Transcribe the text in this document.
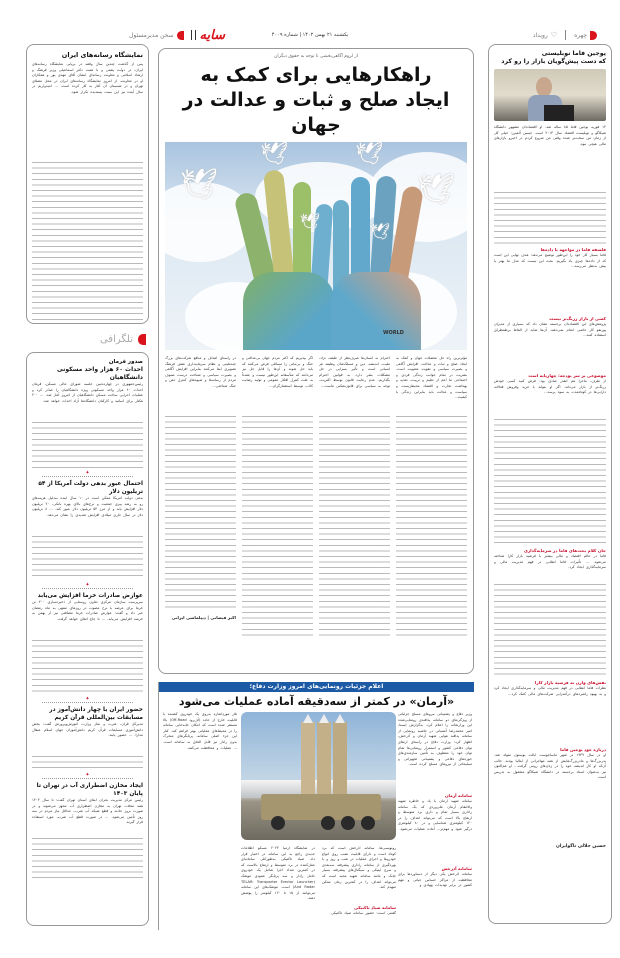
چهره
♡
رویداد
یکشنبه ۲۱ بهمن ۱۴۰۲ | شماره ۴۰۰۹
سایه
سخن مدیرمسئول
یوجین فاما نوبلیستی
که دست پیش‌گویان بازار را رو کرد
۱۴ فوریه یوجین فاما ۸۵ ساله شد. او اقتصاددان مشهور دانشگاه شیکاگو و نوبلیست اقتصاد سال ۲۰۱۳ است. جیسن آلمیرز: خیلی کار از زمان من سخت‌تر شده وقتی من شروع کردم در اخیرو بازارهای مالی هیچی نبود.
فلسفه فاما در مواجهه با داده‌ها
فاما بسیار کار خود را این‌طور توضیح می‌دهد: هدف نهایی این است که از داده‌ها چیزی یاد بگیریم. بحث این نیست که مدل ما بهتر یا بیش به‌نظر می‌رسد...
کسی از بازار زرنگ‌تر نیست
پژوهش‌های این اقتصاددان برجسته نشان داد که بسیاری از مدیران پورتفو کار خاصی انجام نمی‌دهند. آن‌ها شاید از الفاظ پرطمطراق استفاده کنند...
موضوعی بر سر بودجه: چهارپایه است
از طرف، ماجرا هم آنقدر صادق بود. فرض کنید کسی خودش زرنگ‌تر از بازار می‌داند. اگر او بتواند با خرید وفروش فعالانه دارایی‌ها در کوتاه‌مدت به سود برسد...
جان کلام بحث‌های فاما در سرمایه‌گذاری
فاما در عالم اقتصاد و مالی بیشتر با فرضیه بازار کارا شناخته می‌شود. ... تأثیرات فاما انقلابی در فهم مدیریت مالی و سرمایه‌گذاری ایجاد کرد.
نقش‌های وارن به فرضیه بازار کارا
نظرات فاما انقلابی در فهم مدیریت مالی و سرمایه‌گذاری ایجاد کرد و به بهبود راهبردهای درآمدزایی شرکت‌های مالی کمک کرد...
درباره خود یوجین فاما
او در سال ۱۹۳۹ در شهر ماساچوست ایالت بوستون متولد شد. پدربزرگ‌ها و مادربزرگ‌هایش از همه مهاجرانی از ایتالیا بودند. جالب آن‌که او کار اندیشه خود را در زبان‌های رومی گرفت... او هم‌اکنون نیز به‌عنوان استاد برجسته در دانشگاه شیکاگو مشغول به تدریس است.
حسین جلالی ناگوایران
نمایشگاه رسانه‌های ایران
پس از گذشت چندین سال وقفه در برپایی نمایشگاه رسانه‌های ایران، در دولت پشتی و با همت دکتر اسماعیلی وزیر فرهنگ و ارشاد اسلامی و معاونت رسانه‌ای ایشان آقای مهدی پور و همکاران او در معاونت، از امروز نمایشگاه رسانه‌های ایران در محل مصلای تهران و در شبستان آن آغاز به کار کرده است. ... امیدواریم در سال آینده نیز این سنت پسندیده تکرار شود.
تلگرافی
صدور فرمان
احداث ۶۰ هزار واحد مسکونی دانشگاهیان
رئیس‌جمهوری در چهارده‌مین جلسه شورای عالی مسکن، فرمان احداث ۶۰ هزار واحد مسکونی ویژه دانشگاهیان را صادر کرد و عملیات اجرایی ساخت مسکن دانشگاهیان از امروز آغاز شد. ... ۲۰۰ هکتار برای اساتید و کارکنان دانشگاه‌ها آزاد احداث خواهد شد.
✦
احتمال عبور بدهی دولت آمریکا از ۵۴ تریلیون دلار
بدهی دولت آمریکا ممکن است در ۱۰ سال آینده به‌دلیل هزینه‌های رو به رشد پیری جمعیت و نرخ‌های بالای بهره بانکی، ۲۰ تریلیون دلار افزایش یابد و از مرز ۵۴ تریلیون دلار عبور کند. ... ۸ تریلیون دلار در سال جاری میلادی افزایش شدیدی را نشان می‌دهد.
✦
عوارض صادرات خرما افزایش می‌یابد
سرپرست سازمان مرکزی تعاون روستایی از ذخیره‌سازی ۲۰۰ تن خرما برای عرضه با نرخ مصوب در روزهای منتهی به ماه رمضان خبر داد و گفت: عوارض صادرات خرما مضافتی نیز از بهمن به خرمند افزایش می‌یابد. ... تا چاغ اتفاق خواهد گرفت.
✦
حضور ایران با چهار دانش‌آموز در مسابقات بین‌المللی قرآن کریم
مدیرکل قرآن، عترت و نماز وزارت آموزش‌وپرورش گفت: بخش دانش‌آموزی مسابقات قرآن کریم دانش‌آموزان جهان اسلام عنقال مدارا. ... حضور یابند.
✦
ایجاد مخازن اضطراری آب در تهران تا پایان ۱۴۰۳
رئیس مرکز مدیریت بحران آبفای استان تهران گفت: تا سال ۱۴۰۳ همه محلات تهران به مخازن اضطراری آب مجهز می‌شوند و در صورت بروز حادثه و قطع شبکه آب شرب، حداقل نیاز مردم در سه روز تأمین می‌شود. ... در صورت قطع آب شرب، مورد استفاده قرار گیرند.
از لزوم آگاهی‌بخشی تا توجه به حقوق دیگران
راهکارهایی برای کمک به
ایجاد صلح و ثبات و عدالت در جهان
🕊	🕊
🕊	🕊
🕊
🕊
WORLD
مؤثرترین راه حل معضلات جهان و کمک به ایجاد صلح و ثبات و عدالت، افزایش آگاهی و بصیرت سیاسی و تقویت معنویت است. بشریت در تمام جوانب زندگی فردی و اجتماعی ما اعم از تعلیم و تربیت، تغذیه و بهداشت تجارت و اقتصاد محیط‌زیست و سیاست و عدالت باید بنابراین زندگی با کیفیت...
احترام به انسان‌ها صرف‌نظر از طبقه، نژاد، ملیت، اندیشه، دین و مسلک‌شان وظیفه هر انسانی است و تأثیر بسزایی در حل مشکلات بشر دارد. به قوانین احترام بگذاریم. عدم رعایت قانون توسط اکثریت، توجه به سیاسی برای قانون‌شکنی ماست...
اگر بپذیریم که اکثر مردم جهان بی‌عدالتی و جنگ و بی‌ثباتی را مسائلی فرض می‌کنند که باید حل شوند و آن‌ها را قابل حل نیز می‌دانند که متأسفانه این‌طور نیست و عمدتاً به علت کنترل افکار عمومی و تولید رضایت کاذب توسط استعمارگران...
در راستای اهداف و منافع شرکت‌های بزرگ چندملیتی و نظام سرمایه‌داری نقش فرهنگ تصویری ایفا می‌کنند بنابراین افزایش آگاهی و بصیرت سیاسی و شناخت درست صنوف مردم از رسانه‌ها و شیوه‌های کنترل ذهن و جنگ شناختی...
اکبر فیضانی | دیپلماسی ایرانی
اعلام جزئیات رونمایی‌های امروز وزارت دفاع؛
«آرمان» در کمتر از سه‌دقیقه آماده عملیات می‌شود
وزیر دفاع و پشتیبانی نیروهای مسلح جزئیاتی از ویژگی‌های دو سامانه پدافندی رونمایی‌شده این وزارتخانه را اعلام کرد. به‌گزارش ایسنا، امیر محمدرضا آشتیانی در حاشیه رونمایی از سامانه پدافند هوایی شهید آرمان و آذرخش، اظهار کرد: وزارت دفاع در راستای ارتقای توان دفاعی کشور و استمرار رونمایی‌ها تمام توان خود را معطوف به تأمین سازمندی‌های حوزه‌های دفاعی و پشتیبانی تجهیزاتی و تسلیحاتی از نیروهای مسلح کرده است.
سامانه آرمان
سامانه شهید آرمان با یاد و خاطره شهید والامقام آرمان علی‌وردی که یک سامانه راداری بسیار تمام و داری برد متوسط و ارتفاع بالا است که می‌تواند اهداف را در ۱۲۰ کیلومتری شناسایی و در ۸۰ کیلومتری درگیر شود و مهم‌تر... آماده عملیات می‌شود.
سامانه آذرخش
سامانه آذرخش یکی دیگر از دستاوردها برای محافظت از مراکز حساس حیاتی و مهم کشور در برابر تهدیدات پهپادی و
تلار موردِاشاره به‌روی یک خودروی کشنده با قابلیت خارج از جاده (آف‌رود Off-Road) بالا مستقر شده است که امکان جابه‌جایی سامانه را در محیط‌های عملیاتی بهتر فراهم کند. کنار این جزء اصلی سامانه، پرتابگرهای متحرک بدون رادار نیز قابل الحاق به سامانه است. ... عملیات و محافظت می‌کنند.
در نمایشگاه آرمیا ۲۰۲۳ مسکو اطلاعات جدیدی راجع به این سامانه در اختیار قرار داد. صیاد تاکتیکی به‌طورکلی سامانه‌ای عمل‌کننده در برد متوسط و ارتفاع بالاست که در کمترین تعداد اجزا شامل یک خودروی حامل رادار و سه پرتابگر عمودی موشک (TELAR: Transporter Erector Launcher And Radar) است. موشک‌های این سامانه می‌توانند از ۱۵ تا ۱۲۰ کیلومتر را پوشش دهند.
رونویسی‌ها، سامانه آذرخش است که برد کوتاه است و دارای قابلیت نصب روی انواع خودروها و اجرای عملیات در شب و روز و با بهره‌گیری از سامانه راداری پیشرفته سه‌بعدی و سرچ اپتیکی و سیگنال‌های پیشرفته بسیار چابک و مانند سامانه شهید مجید است که می‌تواند اهداف را در کمترین زمان ممکن منهدم کند.
سامانه صیاد تاکتیکی
گفتنی است: حضور سامانه صیاد تاکتیکی
